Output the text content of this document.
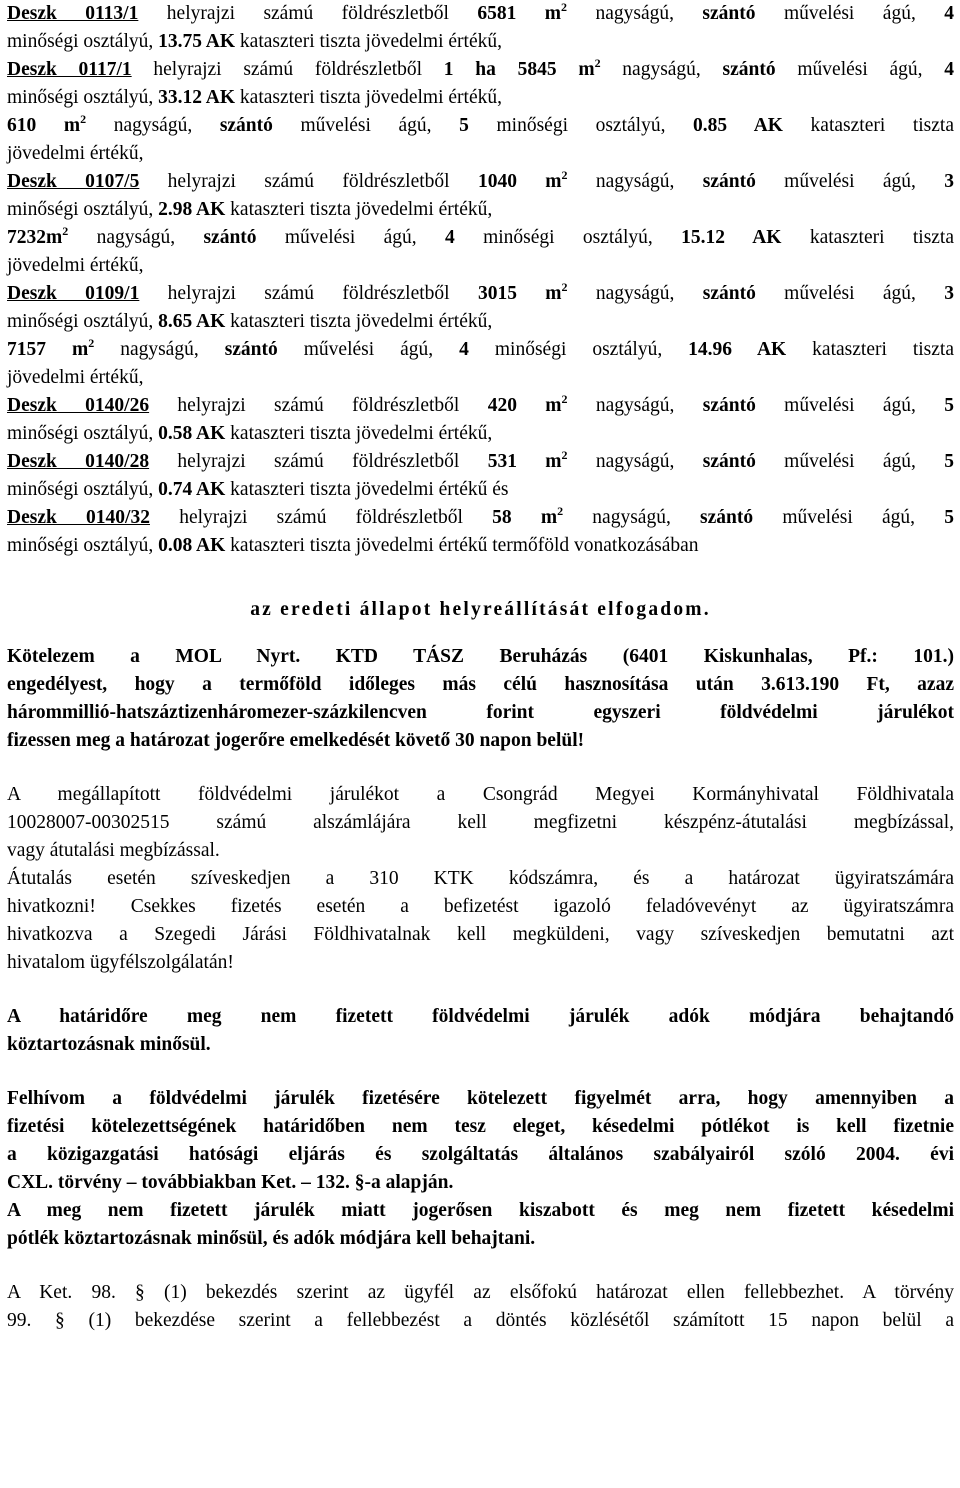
Deszk 0113/1 helyrajzi számú földrészletből 6581 $m^2$ nagyságú, szántó művelési ágú, 4
minőségi osztályú, 13.75 AK kataszteri tiszta jövedelmi értékű,
Deszk 0117/1 helyrajzi számú földrészletből 1 ha 5845 $m^2$ nagyságú, szántó művelési ágú, 4
minőségi osztályú, 33.12 AK kataszteri tiszta jövedelmi értékű,
610 $m^2$ nagyságú, szántó művelési ágú, 5 minőségi osztályú, 0.85 AK kataszteri tiszta
jövedelmi értékű,
Deszk 0107/5 helyrajzi számú földrészletből 1040 $m^2$ nagyságú, szántó művelési ágú, 3
minőségi osztályú, 2.98 AK kataszteri tiszta jövedelmi értékű,
$7232m^2$ nagyságú, szántó művelési ágú, 4 minőségi osztályú, 15.12 AK kataszteri tiszta
jövedelmi értékű,
Deszk 0109/1 helyrajzi számú földrészletből 3015 $m^2$ nagyságú, szántó művelési ágú, 3
minőségi osztályú, 8.65 AK kataszteri tiszta jövedelmi értékű,
7157 $m^2$ nagyságú, szántó művelési ágú, 4 minőségi osztályú, 14.96 AK kataszteri tiszta
jövedelmi értékű,
Deszk 0140/26 helyrajzi számú földrészletből 420 $m^2$ nagyságú, szántó művelési ágú, 5
minőségi osztályú, 0.58 AK kataszteri tiszta jövedelmi értékű,
Deszk 0140/28 helyrajzi számú földrészletből 531 $m^2$ nagyságú, szántó művelési ágú, 5
minőségi osztályú, 0.74 AK kataszteri tiszta jövedelmi értékű és
Deszk 0140/32 helyrajzi számú földrészletből 58 $m^2$ nagyságú, szántó művelési ágú, 5
minőségi osztályú, 0.08 AK kataszteri tiszta jövedelmi értékű termőföld vonatkozásában
az eredeti állapot helyreállítását elfogadom.
Kötelezem a MOL Nyrt. KTD TÁSZ Beruházás (6401 Kiskunhalas, Pf.: 101.)
engedélyest, hogy a termőföld időleges más célú hasznosítása után 3.613.190 Ft, azaz
hárommillió-hatszáztizenháromezer-százkilencven forint egyszeri földvédelmi járulékot
fizessen meg a határozat jogerőre emelkedését követő 30 napon belül!
A megállapított földvédelmi járulékot a Csongrád Megyei Kormányhivatal Földhivatala
10028007-00302515 számú alszámlájára kell megfizetni készpénz-átutalási megbízással,
vagy átutalási megbízással.
Átutalás esetén szíveskedjen a 310 KTK kódszámra, és a határozat ügyiratszámára
hivatkozni! Csekkes fizetés esetén a befizetést igazoló feladóvevényt az ügyiratszámra
hivatkozva a Szegedi Járási Földhivatalnak kell megküldeni, vagy szíveskedjen bemutatni azt
hivatalom ügyfélszolgálatán!
A határidőre meg nem fizetett földvédelmi járulék adók módjára behajtandó
köztartozásnak minősül.
Felhívom a földvédelmi járulék fizetésére kötelezett figyelmét arra, hogy amennyiben a
fizetési kötelezettségének határidőben nem tesz eleget, késedelmi pótlékot is kell fizetnie
a közigazgatási hatósági eljárás és szolgáltatás általános szabályairól szóló 2004. évi
CXL. törvény – továbbiakban Ket. – 132. §-a alapján.
A meg nem fizetett járulék miatt jogerősen kiszabott és meg nem fizetett késedelmi
pótlék köztartozásnak minősül, és adók módjára kell behajtani.
A Ket. 98. § (1) bekezdés szerint az ügyfél az elsőfokú határozat ellen fellebbezhet. A törvény
99. § (1) bekezdése szerint a fellebbezést a döntés közlésétől számított 15 napon belül a
